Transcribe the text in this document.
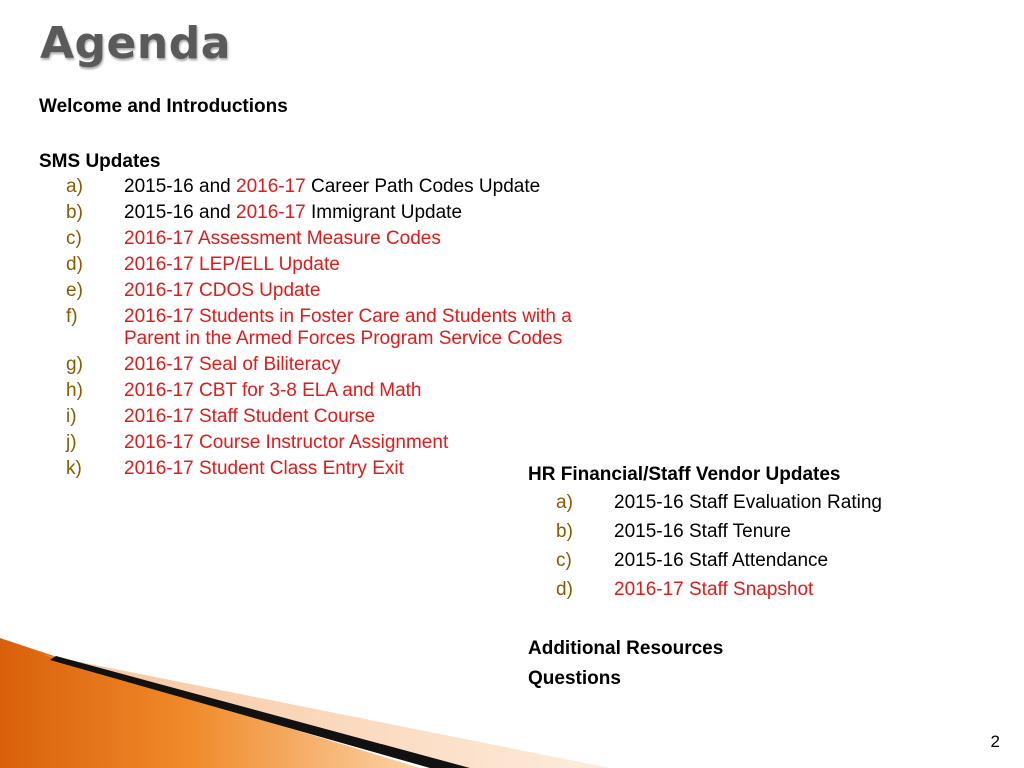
Agenda

Welcome and Introductions

SMS Updates

a) 2015-16 and 2016-17 Career Path Codes Update
b) 2015-16 and 2016-17 Immigrant Update
c) 2016-17 Assessment Measure Codes
d) 2016-17 LEP/ELL Update
e) 2016-17 CDOS Update
f) 2016-17 Students in Foster Care and Students with a Parent in the Armed Forces Program Service Codes
g) 2016-17 Seal of Biliteracy
h) 2016-17 CBT for 3-8 ELA and Math
i) 2016-17 Staff Student Course
j) 2016-17 Course Instructor Assignment
k) 2016-17 Student Class Entry Exit	HR Financial/Staff Vendor Updates

a) 2015-16 Staff Evaluation Rating
b) 2015-16 Staff Tenure
c) 2015-16 Staff Attendance
d) 2016-17 Staff Snapshot

Additional Resources

Questions

2
